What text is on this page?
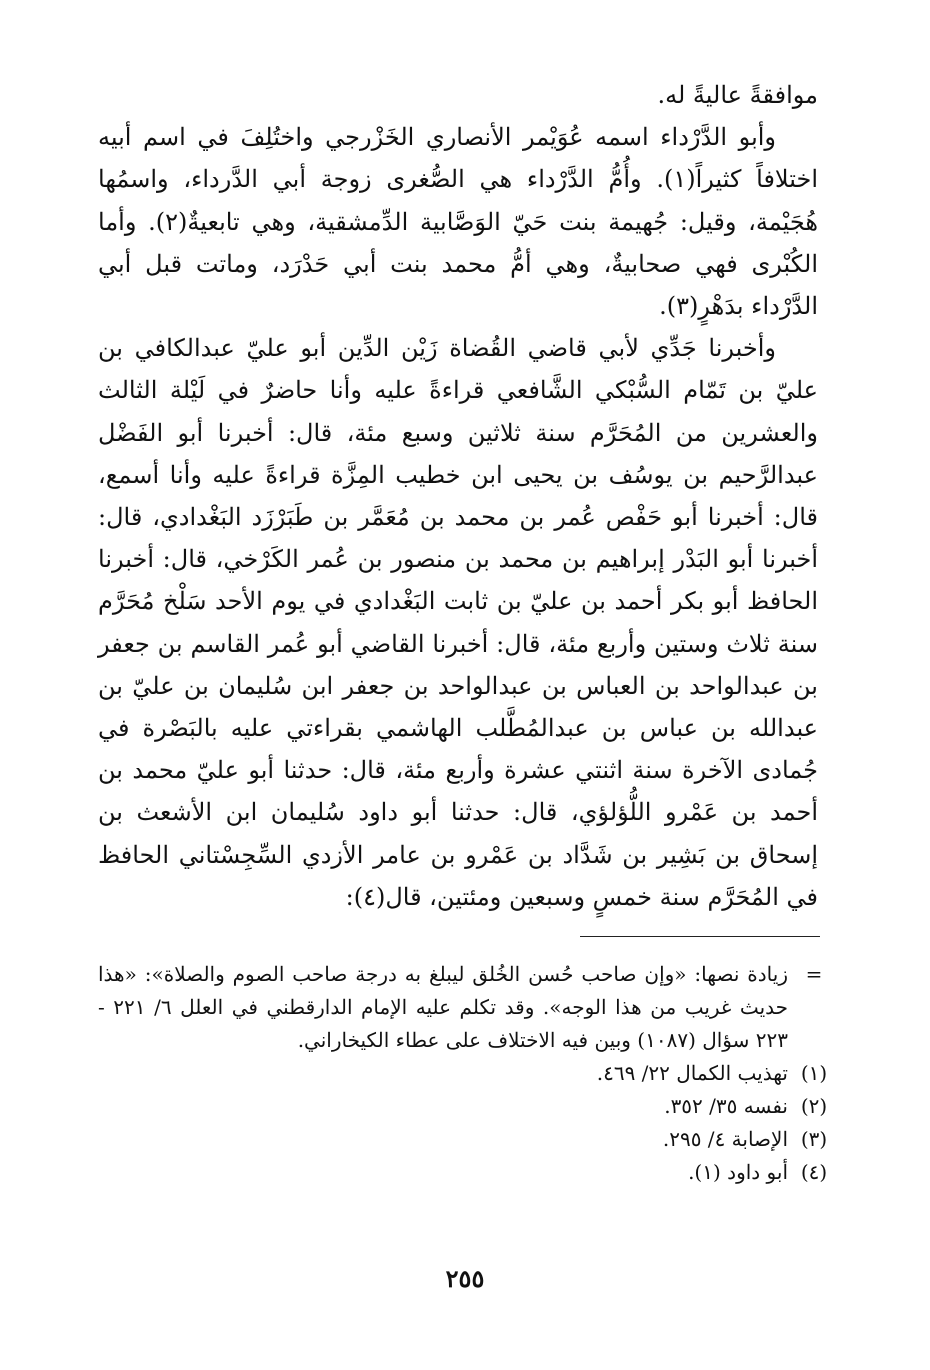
موافقةً عاليةً له.

وأبو الدَّرْداء اسمه عُوَيْمر الأنصاري الخَزْرجي واختُلِفَ في اسم أبيه اختلافاً كثيراً(١). وأُمُّ الدَّرْداء هي الصُّغرى زوجة أبي الدَّرداء، واسمُها هُجَيْمة، وقيل: جُهيمة بنت حَيّ الوَصَّابية الدِّمشقية، وهي تابعيةٌ(٢). وأما الكُبْرى فهي صحابيةٌ، وهي أمُّ محمد بنت أبي حَدْرَد، وماتت قبل أبي الدَّرْداء بدَهْرٍ(٣).

وأخبرنا جَدِّي لأبي قاضي القُضاة زَيْن الدِّين أبو عليّ عبدالكافي بن عليّ بن تَمّام السُّبْكي الشَّافعي قراءةً عليه وأنا حاضرٌ في لَيْلة الثالث والعشرين من المُحَرَّم سنة ثلاثين وسبع مئة، قال: أخبرنا أبو الفَضْل عبدالرَّحيم بن يوسُف بن يحيى ابن خطيب المِزَّة قراءةً عليه وأنا أسمع، قال: أخبرنا أبو حَفْص عُمر بن محمد بن مُعَمَّر بن طَبَرْزَد البَغْدادي، قال: أخبرنا أبو البَدْر إبراهيم بن محمد بن منصور بن عُمر الكَرْخي، قال: أخبرنا الحافظ أبو بكر أحمد بن عليّ بن ثابت البَغْدادي في يوم الأحد سَلْخ مُحَرَّم سنة ثلاث وستين وأربع مئة، قال: أخبرنا القاضي أبو عُمر القاسم بن جعفر بن عبدالواحد بن العباس بن عبدالواحد بن جعفر ابن سُليمان بن عليّ بن عبدالله بن عباس بن عبدالمُطَّلب الهاشمي بقراءتي عليه بالبَصْرة في جُمادى الآخرة سنة اثنتي عشرة وأربع مئة، قال: حدثنا أبو عليّ محمد بن أحمد بن عَمْرو اللُّؤلؤي، قال: حدثنا أبو داود سُليمان ابن الأشعث بن إسحاق بن بَشِير بن شَدَّاد بن عَمْرو بن عامر الأزدي السِّجِسْتاني الحافظ في المُحَرَّم سنة خمسٍ وسبعين ومئتين، قال(٤):

=
زيادة نصها: «وإن صاحب حُسن الخُلق ليبلغ به درجة صاحب الصوم والصلاة»: «هذا حديث غريب من هذا الوجه». وقد تكلم عليه الإمام الدارقطني في العلل ٦/ ٢٢١ - ٢٢٣ سؤال (١٠٨٧) وبين فيه الاختلاف على عطاء الكيخاراني.
(١)
تهذيب الكمال ٢٢/ ٤٦٩.
(٢)
نفسه ٣٥/ ٣٥٢.
(٣)
الإصابة ٤/ ٢٩٥.
(٤)
أبو داود (١).
٢٥٥
